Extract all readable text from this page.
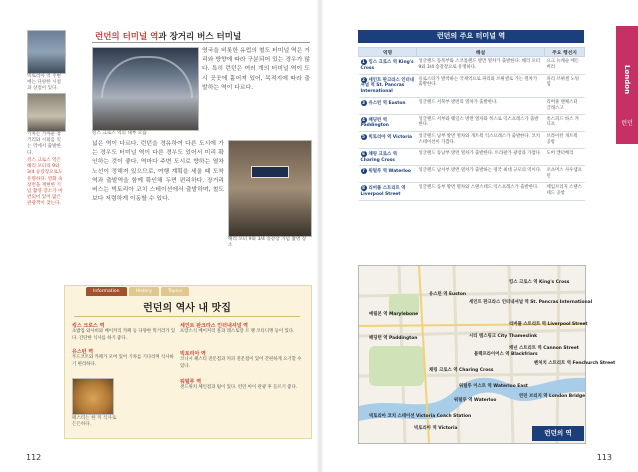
빅토리아 역 주변에는 다양한 시설과 상점이 있다.
기차는 가까운 장거리와 시외를 잇는 역에서 출발한다.
킹스 크로스 역은 해리 포터의 9와 3/4 승강장으로도 유명하다. 영화 속 장면을 재현한 기념 촬영 장소가 마련되어 있어 많은 관광객이 찾는다.
런던의 터미널 역과 장거리 버스 터미널
킹스 크로스 역의 내부 모습
영국을 비롯한 유럽의 철도 터미널 역은 거리와 방향에 따라 구분되어 있는 경우가 많다. 특히 런던은 여러 개의 터미널 역이 도시 곳곳에 흩어져 있어, 목적지에 따라 출발하는 역이 다르다.
넓은 역이 다르다. 런던을 경유하여 다른 도시에 가는 경우도 터미널 역이 다른 경우도 있어서 미리 확인하는 것이 좋다. 역마다 주변 도시로 향하는 열차 노선이 정해져 있으므로, 여행 계획을 세울 때 도착역과 출발역을 함께 확인해 두면 편리하다. 장거리 버스는 빅토리아 코치 스테이션에서 출발하며, 철도보다 저렴하게 이동할 수 있다.
해리 포터 9와 3/4 승강장 기념 촬영 장소
Information	History	Topics
런던의 역사 내 맛집
킹스 크로스 역
초밥집 와사비와 베이커리 카페 등 다양한 먹거리가 있다. 간단한 식사를 하기 좋다.
유스턴 역
푸드코트와 카페가 모여 있어 기차를 기다리며 식사하기 편리하다.
패스티는 한 끼 식사로 든든하다.
세인트 판크라스 인터내셔널 역
프랑스식 베이커리 폴과 레스토랑 르 팽 코티디앵 등이 있다.
빅토리아 역
코니시 패스티 전문점과 커피 전문점이 있어 간편하게 요기할 수 있다.
워털루 역
샌드위치 체인점과 펍이 있다. 런던 아이 관광 후 들르기 좋다.
112
런던의 주요 터미널 역
역명	해설	주요 행선지
1 킹스 크로스 역 King's Cross	잉글랜드 동북부와 스코틀랜드 방면 열차가 출발한다. 해리 포터 9와 3/4 승강장으로 유명하다.	요크 뉴캐슬 에든버러
2 세인트 판크라스 인터내셔널 역 St. Pancras International	유로스타가 발착하는 국제역으로 파리와 브뤼셀로 가는 열차가 출발한다.	파리 브뤼셀 노팅엄
3 유스턴 역 Euston	잉글랜드 서북부 방면의 열차가 출발한다.	리버풀 맨체스터 글래스고
4 패딩턴 역 Paddington	잉글랜드 서부와 웨일스 방면 열차와 히스로 익스프레스가 출발한다.	옥스퍼드 바스 카디프
5 빅토리아 역 Victoria	잉글랜드 남부 방면 열차와 개트윅 익스프레스가 출발한다. 코치 스테이션이 가깝다.	브라이턴 개트윅 공항
6 채링 크로스 역 Charing Cross	잉글랜드 동남부 방면 열차가 출발한다. 트라팔가 광장과 가깝다.	도버 캔터베리
7 워털루 역 Waterloo	잉글랜드 남서부 방면 열차가 출발하는 영국 최대 규모의 역이다.	포츠머스 사우샘프턴
8 리버풀 스트리트 역 Liverpool Street	잉글랜드 동부 방면 열차와 스탠스테드 익스프레스가 출발한다.	케임브리지 스탠스테드 공항
유스턴 역 Euston
킹스 크로스 역 King's Cross
세인트 판크라스 인터내셔널 역 St. Pancras International
리버풀 스트리트 역 Liverpool Street
메릴본 역 Marylebone
패딩턴 역 Paddington	시티 템스링크 City Thameslink
블랙프라이어스 역 Blackfriars
캐넌 스트리트 역 Cannon Street
펜처치 스트리트 역 Fenchurch Street
채링 크로스 역 Charing Cross
워털루 이스트 역 Waterloo East
워털루 역 Waterloo
런던 브리지 역 London Bridge
빅토리아 코치 스테이션 Victoria Coach Station
빅토리아 역 Victoria
런던의 역
London
런던
113
